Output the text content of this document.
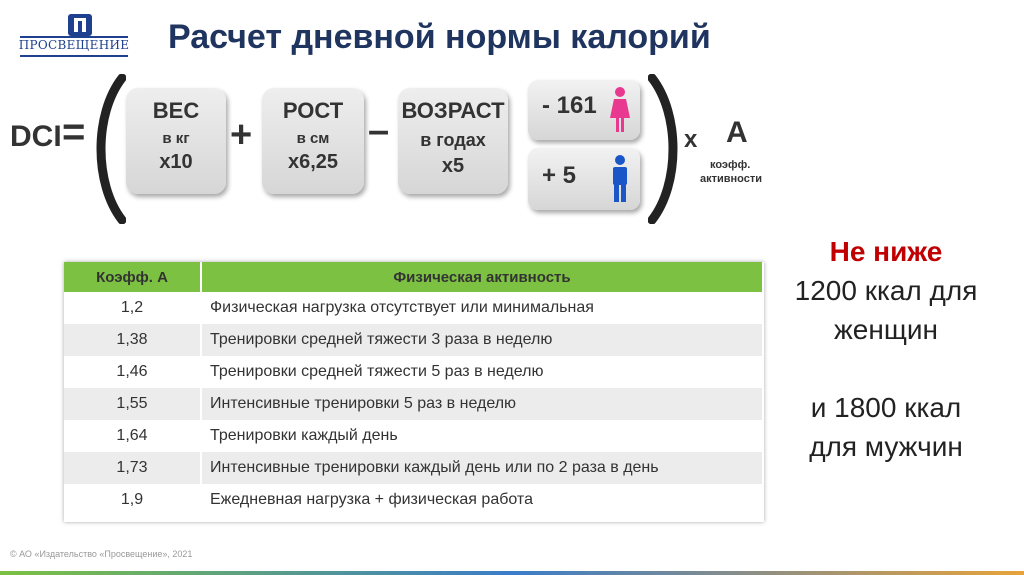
ПРОСВЕЩЕНИЕ Расчет дневной нормы калорий
DCI =	ВЕС
в кг
х10
+
РОСТ
в см
х6,25
– ВОЗРАСТ
в годах
х5
- 161
+ 5
х А
коэфф.
активности
Коэфф. А	Физическая активность
1,2	Физическая нагрузка отсутствует или минимальная
1,38	Тренировки средней тяжести 3 раза в неделю
1,46	Тренировки средней тяжести 5 раз в неделю
1,55	Интенсивные тренировки 5 раз в неделю
1,64	Тренировки каждый день
1,73	Интенсивные тренировки каждый день или по 2 раза в день
1,9	Ежедневная нагрузка + физическая работа
Не ниже
1200 ккал для
женщин
и 1800 ккал
для мужчин
© АО «Издательство «Просвещение», 2021
